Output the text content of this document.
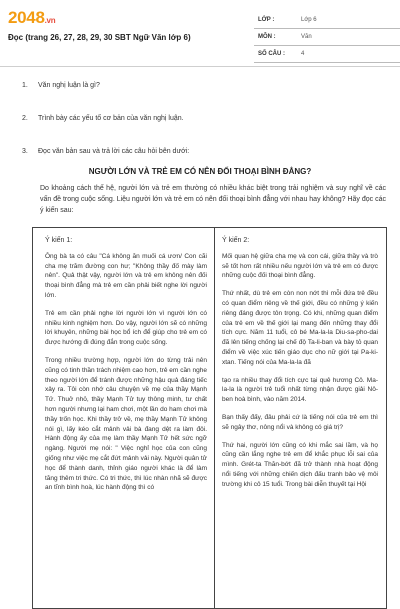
2048.vn
Đọc (trang 26, 27, 28, 29, 30 SBT Ngữ Văn lớp 6)
LỚP :	Lớp 6
MÔN :	Văn
SỐ CÂU :	4
1. Văn nghị luận là gì?
2. Trình bày các yếu tố cơ bản của văn nghị luận.
3. Đọc văn bản sau và trả lời các câu hỏi bên dưới:
NGƯỜI LỚN VÀ TRẺ EM CÓ NÊN ĐỐI THOẠI BÌNH ĐẲNG?
Do khoảng cách thế hệ, người lớn và trẻ em thường có nhiều khác biệt trong trải nghiệm và suy nghĩ về các vấn đề trong cuộc sống. Liệu người lớn và trẻ em có nên đối thoại bình đẳng với nhau hay không? Hãy đọc các ý kiến sau:
Ý kiến 1:

Ông bà ta có câu "Cá không ăn muối cá ươn/ Con cãi cha mẹ trăm đường con hư; "Không thầy đố mày làm nên". Quả thật vậy, người lớn và trẻ em không nên đối thoại bình đẳng mà trẻ em cần phải biết nghe lời người lớn.

Trẻ em cần phải nghe lời người lớn vì người lớn có nhiều kinh nghiệm hơn. Do vậy, người lớn sẽ có những lời khuyên, những bài học bổ ích để giúp cho trẻ em có được hướng đi đúng đắn trong cuộc sống.

Trong nhiều trường hợp, người lớn do từng trải nên cũng có tinh thần trách nhiệm cao hơn, trẻ em cần nghe theo người lớn để tránh được những hậu quả đáng tiếc xảy ra. Tôi còn nhớ câu chuyện về mẹ của thầy Mạnh Tử. Thuở nhỏ, thầy Mạnh Tử tuy thông minh, tư chất hơn người nhưng lại ham chơi, một lần do ham chơi mà thầy trốn học. Khi thầy trở về, mẹ thầy Mạnh Tử không nói gì, lấy kéo cắt mảnh vải bà đang dệt ra làm đôi. Hành động ấy của mẹ làm thầy Mạnh Tử hết sức ngỡ ngàng. Người mẹ nói: " Việc nghỉ học của con cũng giống như việc mẹ cắt đứt mảnh vải này. Người quân tử học để thành danh, thỉnh giáo người khác là để làm tăng thêm tri thức. Có tri thức, thì lúc nhàn nhã sẽ được an tĩnh bình hoà, lúc hành động thì có

Ý kiến 2:

Mối quan hệ giữa cha mẹ và con cái, giữa thầy và trò sẽ tốt hơn rất nhiều nếu người lớn và trẻ em có được những cuộc đối thoại bình đẳng.

Thứ nhất, dù trẻ em còn non nớt thì mỗi đứa trẻ đều có quan điểm riêng về thế giới, đều có những ý kiến riêng đáng được tôn trọng. Có khi, những quan điểm của trẻ em về thế giới lại mang đến những thay đổi tích cực. Năm 11 tuổi, cô bé Ma-la-la Diu-sa-pho-dai đã lên tiếng chống lại chế độ Ta-li-ban và bày tỏ quan điểm về việc xúc tiến giáo dục cho nữ giới tại Pa-ki-xtan. Tiếng nói của Ma-la-la đã

tạo ra nhiều thay đổi tích cực tại quê hương Cô. Ma-la-la là người trẻ tuổi nhất từng nhận được giải Nô-ben hoà bình, vào năm 2014.

Bạn thấy đấy, đâu phải cứ là tiếng nói của trẻ em thì sẽ ngây thơ, nông nổi và không có giá trị?

Thứ hai, người lớn cũng có khi mắc sai lầm, và họ cũng cần lắng nghe trẻ em để khắc phục lỗi sai của mình. Grét-ta Thăn-bớt đã trở thành nhà hoạt động nổi tiếng với những chiến dịch đấu tranh bảo vệ môi trường khi cô 15 tuổi. Trong bài diễn thuyết tại Hội
